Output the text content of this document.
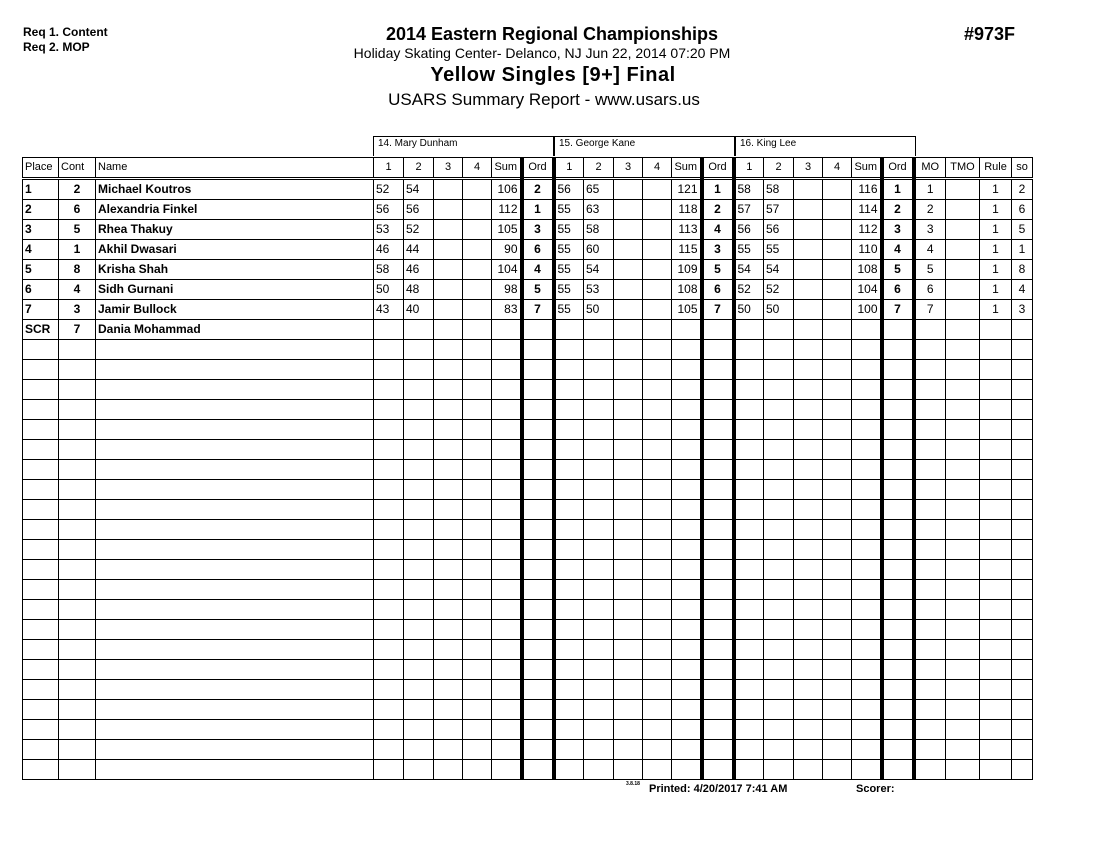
Req 1. Content
Req 2. MOP
2014 Eastern Regional Championships
Holiday Skating Center- Delanco, NJ Jun 22, 2014 07:20 PM
Yellow Singles [9+] Final
USARS Summary Report - www.usars.us
#973F
14. Mary Dunham	15. George Kane	16. King Lee
Place	Cont	Name	1	2	3	4	Sum	Ord	1	2	3	4	Sum	Ord	1	2	3	4	Sum	Ord	MO	TMO	Rule	so
1	2	Michael Koutros	52	54			106	2	56	65			121	1	58	58			116	1	1		1	2
2	6	Alexandria Finkel	56	56			112	1	55	63			118	2	57	57			114	2	2		1	6
3	5	Rhea Thakuy	53	52			105	3	55	58			113	4	56	56			112	3	3		1	5
4	1	Akhil Dwasari	46	44			90	6	55	60			115	3	55	55			110	4	4		1	1
5	8	Krisha Shah	58	46			104	4	55	54			109	5	54	54			108	5	5		1	8
6	4	Sidh Gurnani	50	48			98	5	55	53			108	6	52	52			104	6	6		1	4
7	3	Jamir Bullock	43	40			83	7	55	50			105	7	50	50			100	7	7		1	3
SCR	7	Dania Mohammad																						

3.8.18 Printed: 4/20/2017 7:41 AM	Scorer:
